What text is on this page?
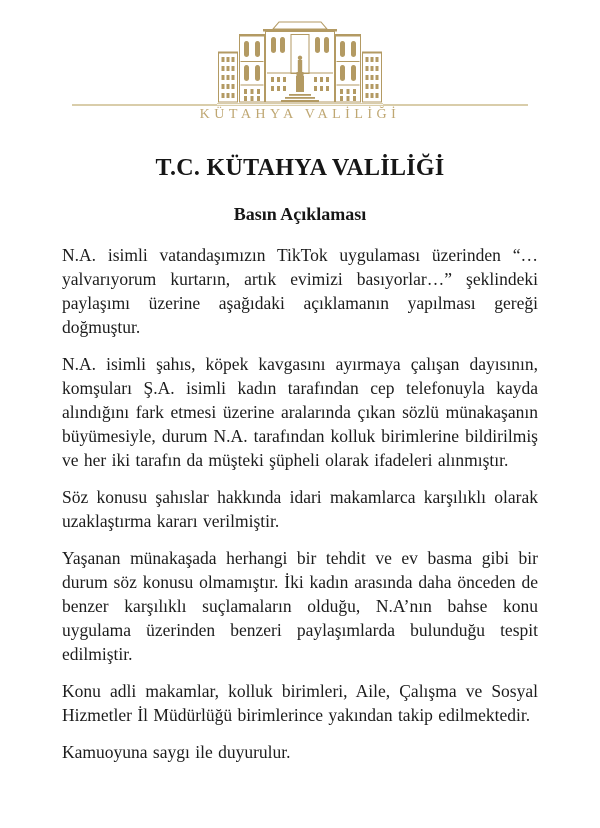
KÜTAHYA VALİLİĞİ
T.C. KÜTAHYA VALİLİĞİ
Basın Açıklaması

N.A. isimli vatandaşımızın TikTok uygulaması üzerinden “… yalvarıyorum kurtarın, artık evimizi basıyorlar…” şeklindeki paylaşımı üzerine aşağıdaki açıklamanın yapılması gereği doğmuştur.

N.A. isimli şahıs, köpek kavgasını ayırmaya çalışan dayısının, komşuları Ş.A. isimli kadın tarafından cep telefonuyla kayda alındığını fark etmesi üzerine aralarında çıkan sözlü münakaşanın büyümesiyle, durum N.A. tarafından kolluk birimlerine bildirilmiş ve her iki tarafın da müşteki şüpheli olarak ifadeleri alınmıştır.

Söz konusu şahıslar hakkında idari makamlarca karşılıklı olarak uzaklaştırma kararı verilmiştir.

Yaşanan münakaşada herhangi bir tehdit ve ev basma gibi bir durum söz konusu olmamıştır. İki kadın arasında daha önceden de benzer karşılıklı suçlamaların olduğu, N.A’nın bahse konu uygulama üzerinden benzeri paylaşımlarda bulunduğu tespit edilmiştir.

Konu adli makamlar, kolluk birimleri, Aile, Çalışma ve Sosyal Hizmetler İl Müdürlüğü birimlerince yakından takip edilmektedir.

Kamuoyuna saygı ile duyurulur.
